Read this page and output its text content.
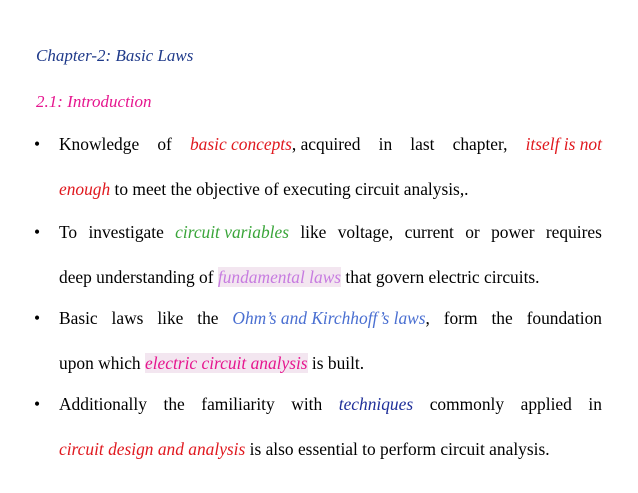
Chapter-2: Basic Laws
2.1: Introduction
•	Knowledge of basic concepts , acquired in last chapter, itself is not
enough to meet the objective of executing circuit analysis,.
•	To investigate circuit variables like voltage, current or power requires
deep understanding of fundamental laws that govern electric circuits.
•	Basic laws like the Ohm’s and Kirchhoff’s laws , form the foundation
upon which electric circuit analysis is built.
•	Additionally the familiarity with techniques commonly applied in
circuit design and analysis is also essential to perform circuit analysis.
